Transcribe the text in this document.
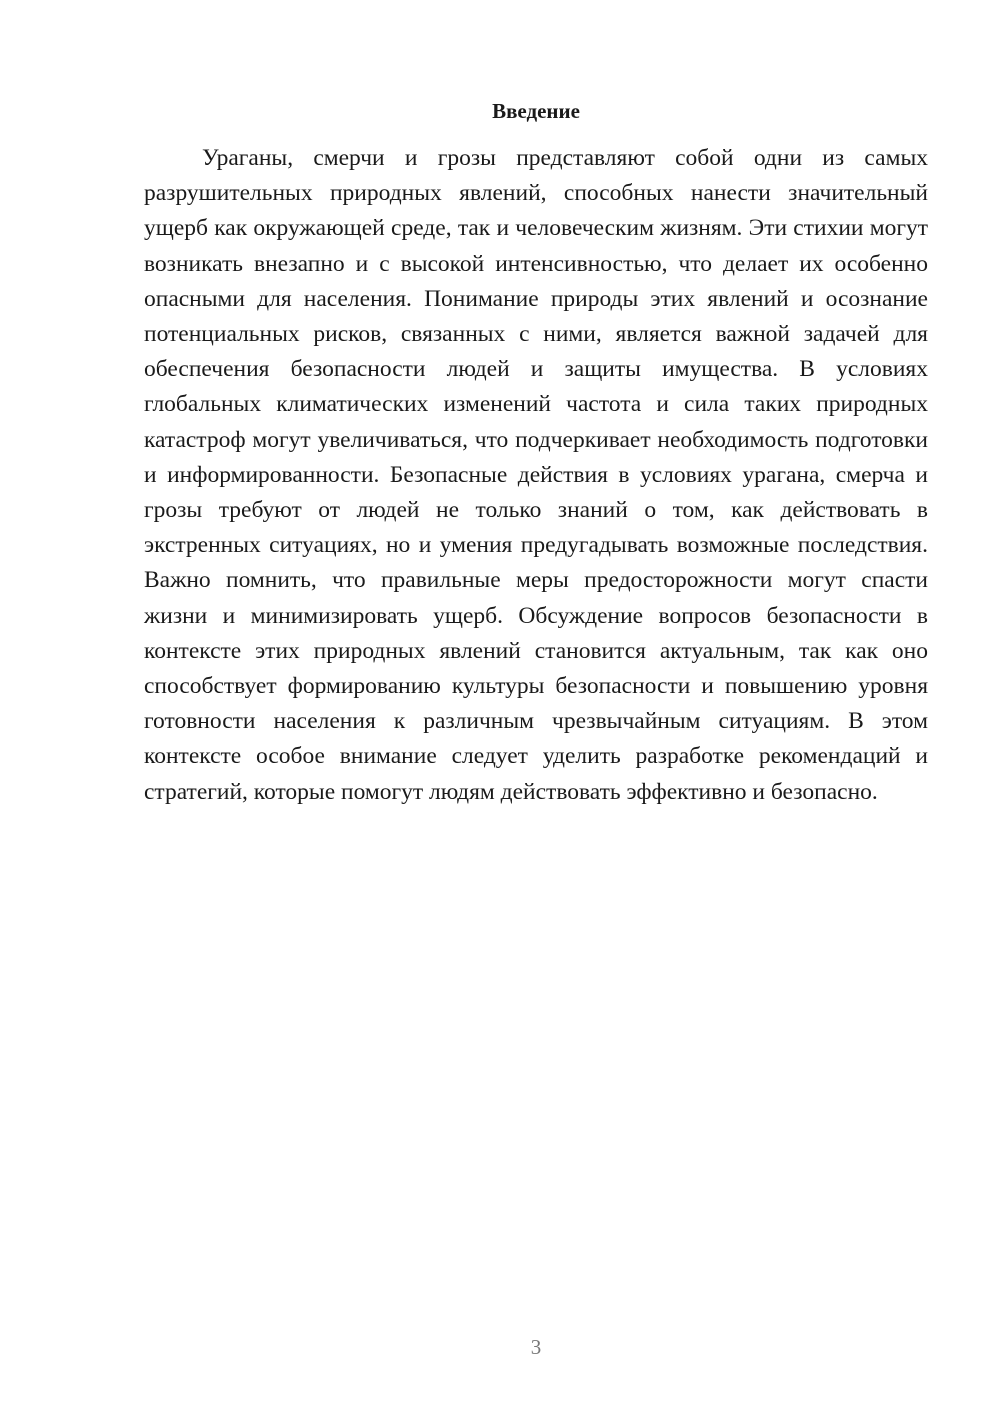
Введение

Ураганы, смерчи и грозы представляют собой одни из самых разрушительных природных явлений, способных нанести значительный ущерб как окружающей среде, так и человеческим жизням. Эти стихии могут возникать внезапно и с высокой интенсивностью, что делает их особенно опасными для населения. Понимание природы этих явлений и осознание потенциальных рисков, связанных с ними, является важной задачей для обеспечения безопасности людей и защиты имущества. В условиях глобальных климатических изменений частота и сила таких природных катастроф могут увеличиваться, что подчеркивает необходимость подготовки и информированности. Безопасные действия в условиях урагана, смерча и грозы требуют от людей не только знаний о том, как действовать в экстренных ситуациях, но и умения предугадывать возможные последствия. Важно помнить, что правильные меры предосторожности могут спасти жизни и минимизировать ущерб. Обсуждение вопросов безопасности в контексте этих природных явлений становится актуальным, так как оно способствует формированию культуры безопасности и повышению уровня готовности населения к различным чрезвычайным ситуациям. В этом контексте особое внимание следует уделить разработке рекомендаций и стратегий, которые помогут людям действовать эффективно и безопасно.

3
